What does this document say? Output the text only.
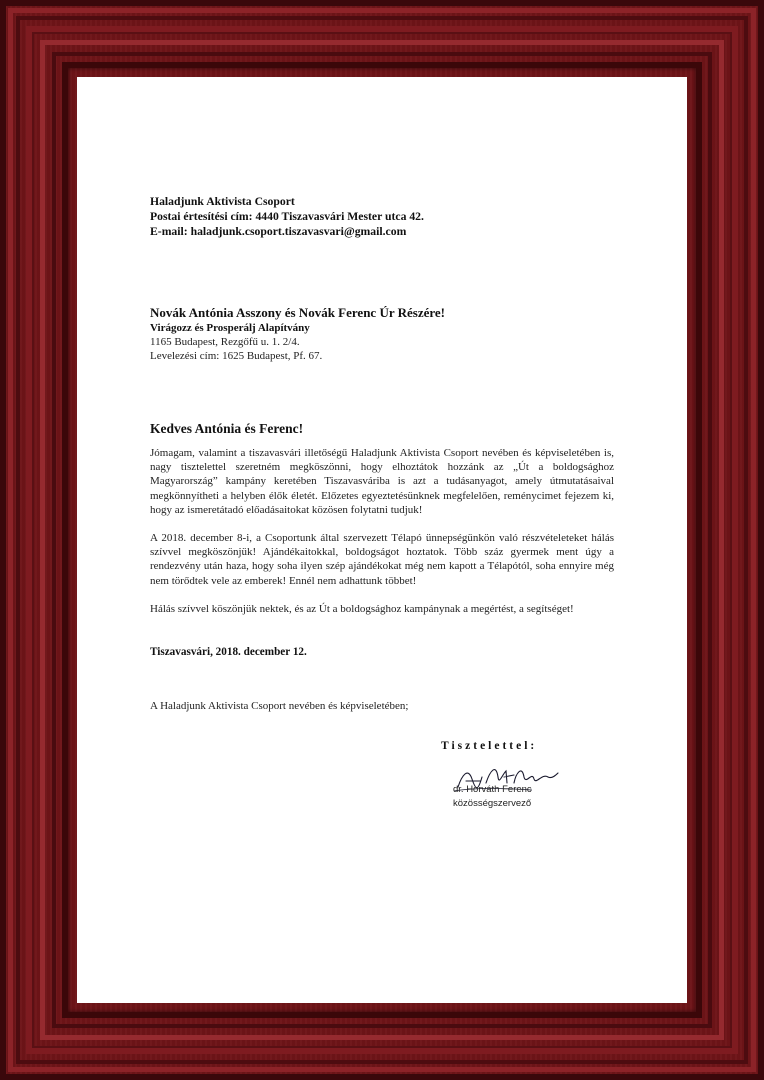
Haladjunk Aktivista Csoport
Postai értesítési cím: 4440 Tiszavasvári Mester utca 42.
E-mail: haladjunk.csoport.tiszavasvari@gmail.com
Novák Antónia Asszony és Novák Ferenc Úr Részére!
Virágozz és Prosperálj Alapítvány
1165 Budapest, Rezgőfű u. 1. 2/4.
Levelezési cím: 1625 Budapest, Pf. 67.
Kedves Antónia és Ferenc!

Jómagam, valamint a tiszavasvári illetőségű Haladjunk Aktivista Csoport nevében és képviseletében is, nagy tisztelettel szeretném megköszönni, hogy elhoztátok hozzánk az „Út a boldogsághoz Magyarország” kampány keretében Tiszavasváriba is azt a tudásanyagot, amely útmutatásaival megkönnyítheti a helyben élők életét. Előzetes egyeztetésünknek megfelelően, reménycimet fejezem ki, hogy az ismeretátadó előadásaitokat közösen folytatni tudjuk!

A 2018. december 8-i, a Csoportunk által szervezett Télapó ünnepségünkön való részvételeteket hálás szívvel megköszönjük! Ajándékaitokkal, boldogságot hoztatok. Több száz gyermek ment úgy a rendezvény után haza, hogy soha ilyen szép ajándékokat még nem kapott a Télapótól, soha ennyire még nem törődtek vele az emberek! Ennél nem adhattunk többet!

Hálás szívvel köszönjük nektek, és az Út a boldogsághoz kampánynak a megértést, a segítséget!

Tiszavasvári, 2018. december 12.
A Haladjunk Aktivista Csoport nevében és képviseletében;
Tisztelettel:
dr. Horváth Ferenc
közösségszervező
